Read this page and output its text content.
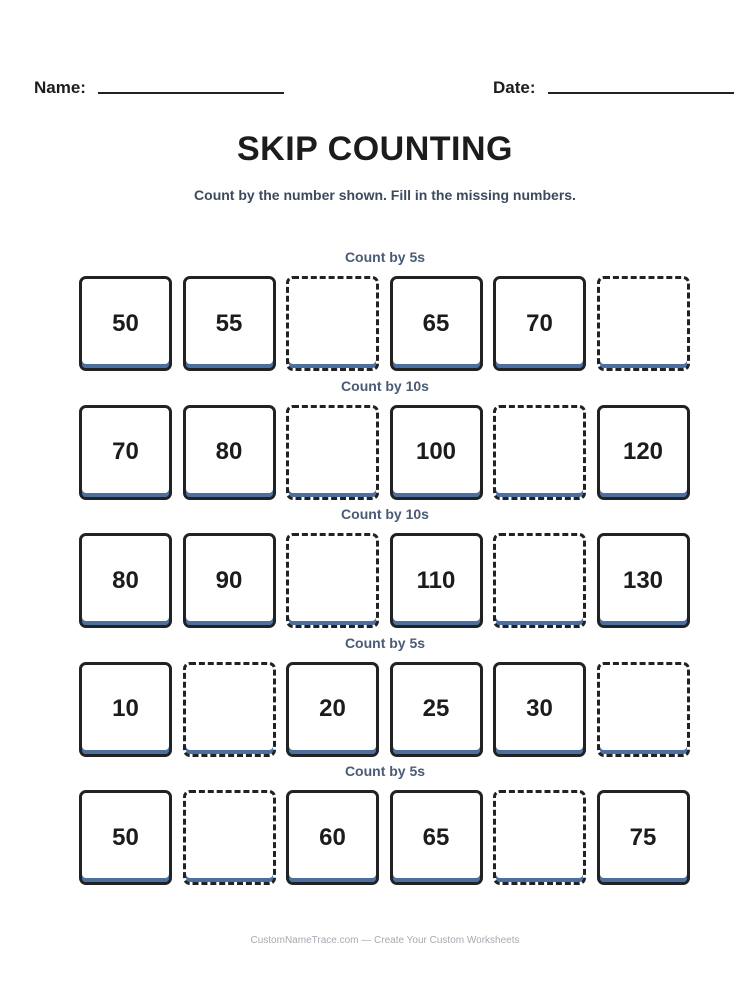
Name:	Date:
SKIP COUNTING

Count by the number shown. Fill in the missing numbers.

Count by 5s
50	55	65	70
Count by 10s
70	80	100	120
Count by 10s
80	90	110	130
Count by 5s
10	20	25	30
Count by 5s
50	60	65	75

CustomNameTrace.com — Create Your Custom Worksheets
